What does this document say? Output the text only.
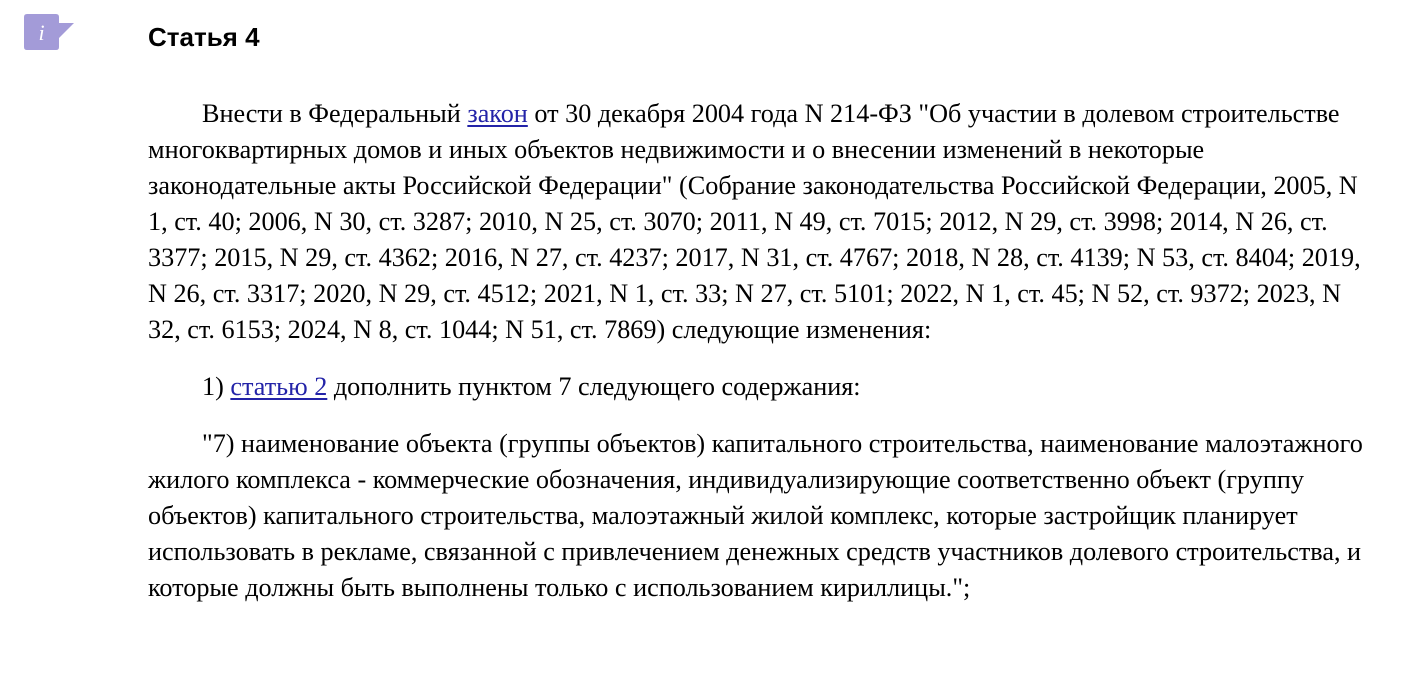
i	Статья 4

Внести в Федеральный закон от 30 декабря 2004 года N 214-ФЗ "Об участии в долевом строительстве многоквартирных домов и иных объектов недвижимости и о внесении изменений в некоторые законодательные акты Российской Федерации" (Собрание законодательства Российской Федерации, 2005, N 1, ст. 40; 2006, N 30, ст. 3287; 2010, N 25, ст. 3070; 2011, N 49, ст. 7015; 2012, N 29, ст. 3998; 2014, N 26, ст. 3377; 2015, N 29, ст. 4362; 2016, N 27, ст. 4237; 2017, N 31, ст. 4767; 2018, N 28, ст. 4139; N 53, ст. 8404; 2019, N 26, ст. 3317; 2020, N 29, ст. 4512; 2021, N 1, ст. 33; N 27, ст. 5101; 2022, N 1, ст. 45; N 52, ст. 9372; 2023, N 32, ст. 6153; 2024, N 8, ст. 1044; N 51, ст. 7869) следующие изменения:

1) статью 2 дополнить пунктом 7 следующего содержания:

"7) наименование объекта (группы объектов) капитального строительства, наименование малоэтажного жилого комплекса - коммерческие обозначения, индивидуализирующие соответственно объект (группу объектов) капитального строительства, малоэтажный жилой комплекс, которые застройщик планирует использовать в рекламе, связанной с привлечением денежных средств участников долевого строительства, и которые должны быть выполнены только с использованием кириллицы.";
